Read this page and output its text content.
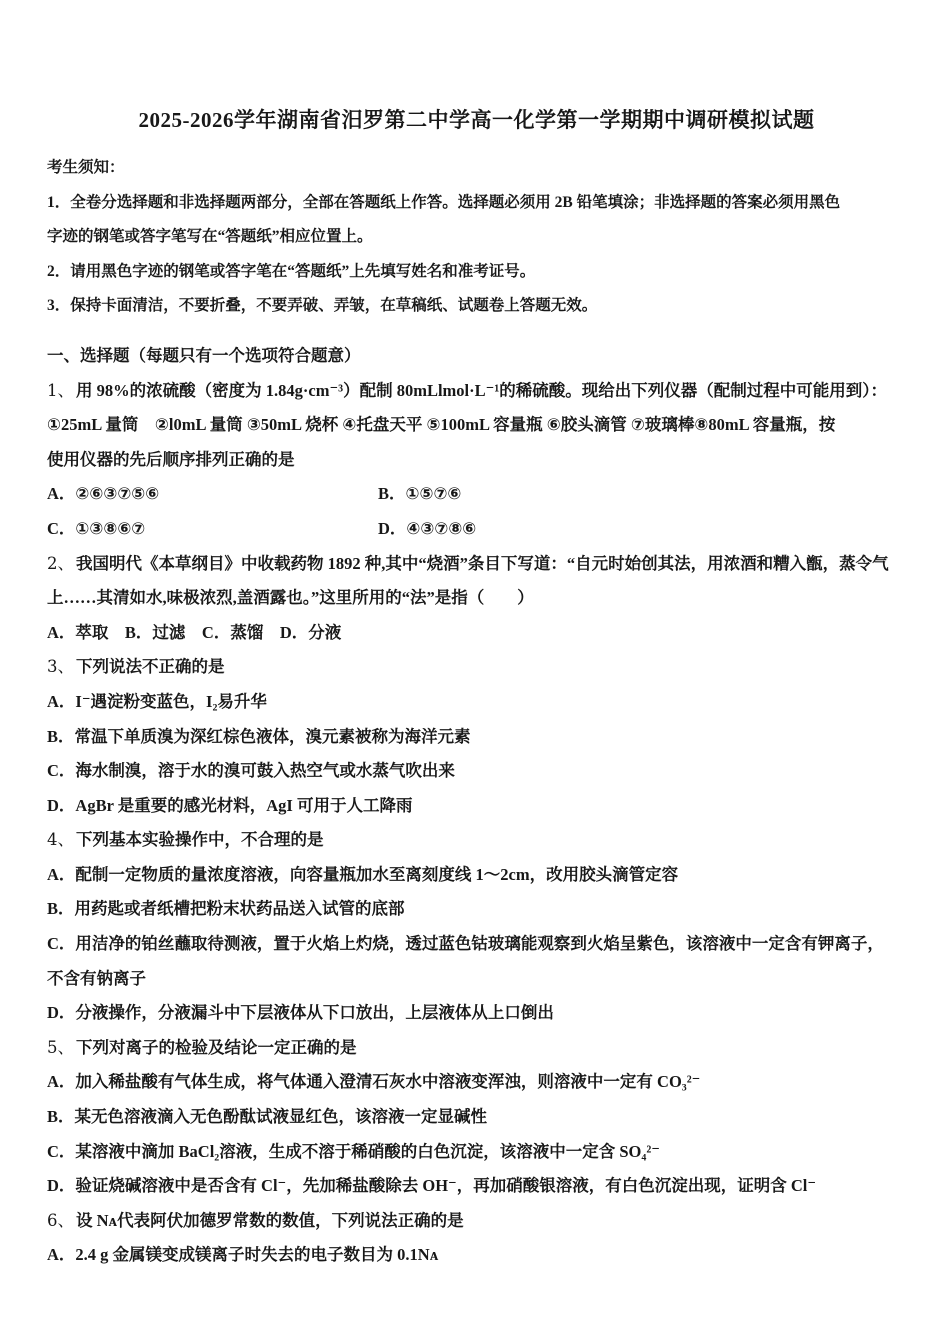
2025-2026学年湖南省汨罗第二中学高一化学第一学期期中调研模拟试题
考生须知：
1．全卷分选择题和非选择题两部分，全部在答题纸上作答。选择题必须用 2B 铅笔填涂；非选择题的答案必须用黑色
字迹的钢笔或答字笔写在“答题纸”相应位置上。
2．请用黑色字迹的钢笔或答字笔在“答题纸”上先填写姓名和准考证号。
3．保持卡面清洁，不要折叠，不要弄破、弄皱，在草稿纸、试题卷上答题无效。
一、选择题（每题只有一个选项符合题意）
1、 用 98%的浓硫酸（密度为 1.84g·cm⁻³）配制 80mLlmol·L⁻¹的稀硫酸。现给出下列仪器（配制过程中可能用到）：
①25mL 量筒　②l0mL 量筒 ③50mL 烧杯 ④托盘天平 ⑤100mL 容量瓶 ⑥胶头滴管 ⑦玻璃棒⑧80mL 容量瓶，按
使用仪器的先后顺序排列正确的是
A．②⑥③⑦⑤⑥	B．①⑤⑦⑥
C．①③⑧⑥⑦	D．④③⑦⑧⑥
2、 我国明代《本草纲目》中收载药物 1892 种,其中“烧酒”条目下写道：“自元时始创其法，用浓酒和糟入甑，蒸令气
上……其清如水,味极浓烈,盖酒露也。”这里所用的“法”是指（　　）
A．萃取　B．过滤　C．蒸馏　D．分液
3、 下列说法不正确的是
A．I⁻遇淀粉变蓝色，I₂易升华
B．常温下单质溴为深红棕色液体，溴元素被称为海洋元素
C．海水制溴，溶于水的溴可鼓入热空气或水蒸气吹出来
D．AgBr 是重要的感光材料，AgI 可用于人工降雨
4、 下列基本实验操作中，不合理的是
A．配制一定物质的量浓度溶液，向容量瓶加水至离刻度线 1～2cm，改用胶头滴管定容
B．用药匙或者纸槽把粉末状药品送入试管的底部
C．用洁净的铂丝蘸取待测液，置于火焰上灼烧，透过蓝色钴玻璃能观察到火焰呈紫色，该溶液中一定含有钾离子，
不含有钠离子
D．分液操作，分液漏斗中下层液体从下口放出，上层液体从上口倒出
5、 下列对离子的检验及结论一定正确的是
A．加入稀盐酸有气体生成，将气体通入澄清石灰水中溶液变浑浊，则溶液中一定有 CO₃²⁻
B．某无色溶液滴入无色酚酞试液显红色，该溶液一定显碱性
C．某溶液中滴加 BaCl₂溶液，生成不溶于稀硝酸的白色沉淀，该溶液中一定含 SO₄²⁻
D．验证烧碱溶液中是否含有 Cl⁻，先加稀盐酸除去 OH⁻，再加硝酸银溶液，有白色沉淀出现，证明含 Cl⁻
6、 设 Nᴀ代表阿伏加德罗常数的数值，下列说法正确的是
A．2.4 g 金属镁变成镁离子时失去的电子数目为 0.1Nᴀ
